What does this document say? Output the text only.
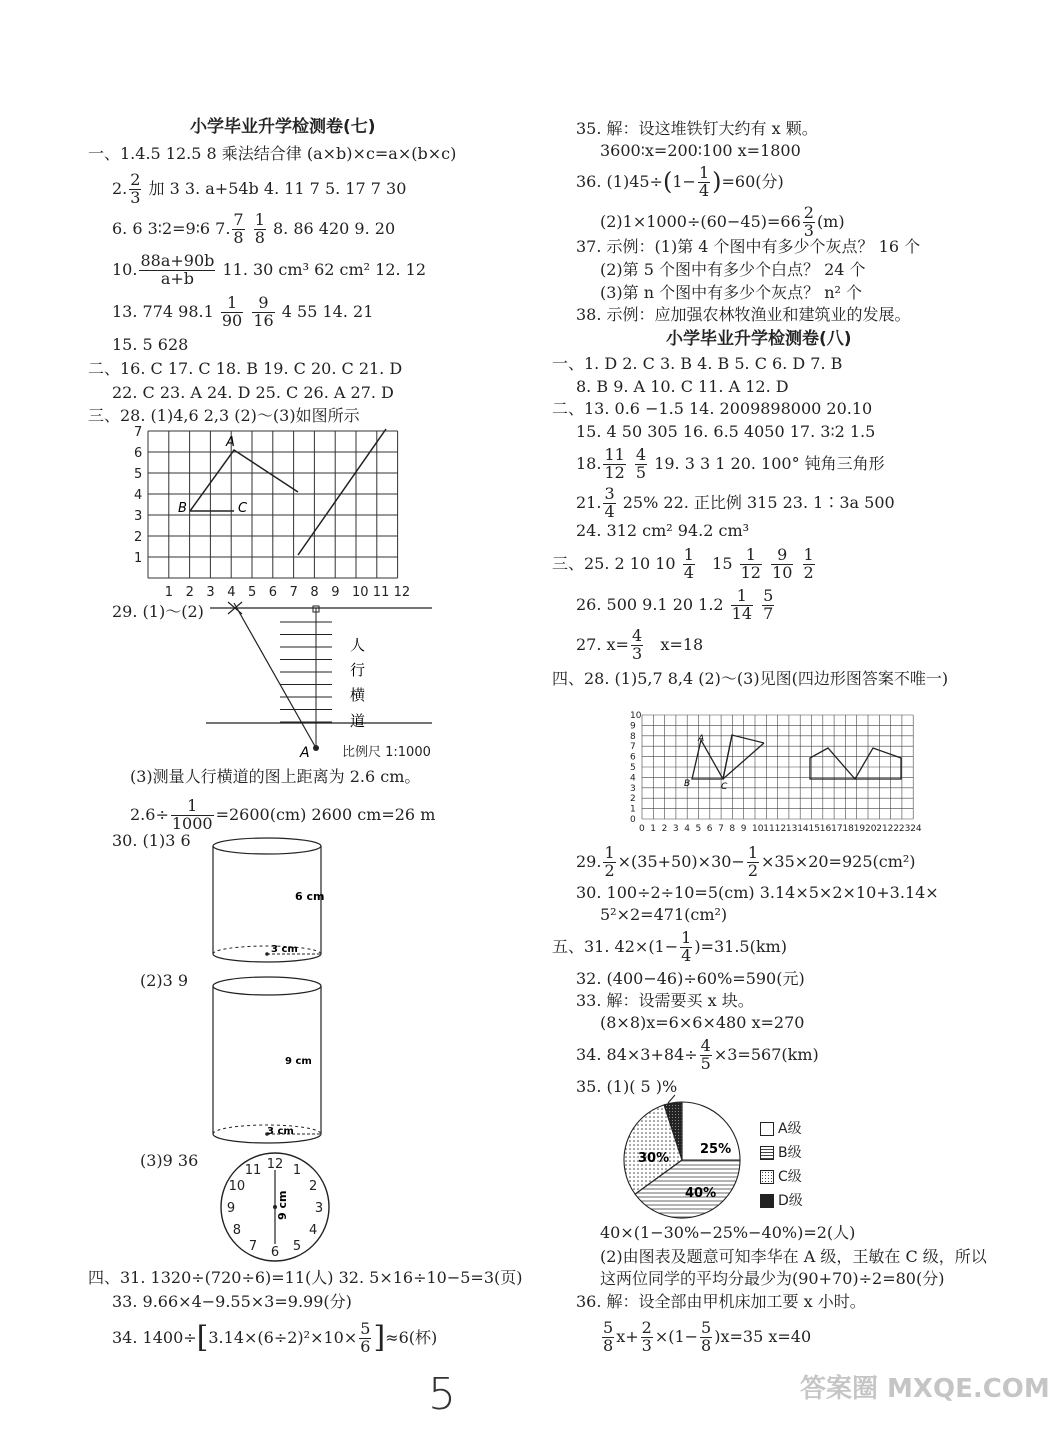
小学毕业升学检测卷(七)
一、1.4.5 12.5 8 乘法结合律 (a×b)×c=a×(b×c)
2. $\frac{2}{3}$ 加 3 3. a+54b 4. 11 7 5. 17 7 30
6. 6 3∶2=9∶6 7. $\frac{7}{8}$
$\frac{1}{8} 8$. 86 420 9. 20
10. $\frac{88a+90b}{a+b} 11$. 30 cm³ 62 cm² 12. 12
13. 774 $98.1 \frac{1}{90}$
$\frac{9}{16} 4$ 55 14. 21
15. 5 628
二、16. C 17. C 18. B 19. C 20. C 21. D
22. C 23. A 24. D 25. C 26. A 27. D
三、28. (1)4,6 2,3 (2)～(3)如图所示
A
B	C
1
2
3
4
5
6
7
1 2 3 4 5 6 7 8 9 10 11 12
29. (1)～(2)
A
人
行
横
道
比例尺 1:1000
(3)测量人行横道的图上距离为 2.6 cm。
$2.6\div \frac{1}{1000} =2600(cm)$ 2600 cm=26 m
30. (1)3 6
6 cm
3 cm
(2)3 9
9 cm
3 cm
(3)9 36	12 1
2
3
4
5
6
7
8
9
10
11
9 cm
四、31. 1320÷(720÷6)=11(人) 32. 5×16÷10−5=3(页)
33. 9.66×4−9.55×3=9.99(分)
34. $1400\div[3.14\times(6\div 2)^2\times 10\times \frac{5}{6} ]\approx 6$(杯)
35. 解：设这堆铁钉大约有 x 颗。
3600∶x=200∶100 x=1800
36. $(1)45\div(1- \frac{1}{4} )=60$(分)
$(2)1\times 1000\div(60-45)=66 \frac{2}{3} (m)$
37. 示例：(1)第 4 个图中有多少个灰点？ 16 个
(2)第 5 个图中有多少个白点？ 24 个
(3)第 n 个图中有多少个灰点？ n² 个
38. 示例：应加强农林牧渔业和建筑业的发展。
小学毕业升学检测卷(八)
一、1. D 2. C 3. B 4. B 5. C 6. D 7. B
8. B 9. A 10. C 11. A 12. D
二、13. 0.6 −1.5 14. 2009898000 20.10
15. 4 50 305 16. 6.5 4050 17. 3∶2 1.5
18. $\frac{11}{12}$
$\frac{4}{5} 19$. 3 3 1 20. 100° 钝角三角形
21. $\frac{3}{4} 25\%$ 22. 正比例 315 23. 1∶3a 500
24. 312 cm² 94.2 cm³
三、25. 2 10 $10 \frac{1}{4} 15 \frac{1}{12}$
$\frac{9}{10}$
$\frac{1}{2}$
26. 500 9.1 20 $1.2 \frac{1}{14}$
$\frac{5}{7}$
27. $x= \frac{4}{3} x=18$
四、28. (1)5,7 8,4 (2)～(3)见图(四边形图答案不唯一)
A
B	C
0
1
2
3
4
5
6
7
8
9
10
0 1 2 3 4 5 6 7 8 9 10 11 12 13 14 15 16 17 18 19 20 21 22 23 24
29. $\frac{1}{2} \times(35+50)\times 30- \frac{1}{2} \times 35\times 20=925(cm^2)$
30. 100÷2÷10=5(cm) 3.14×5×2×10+3.14×
5²×2=471(cm²)
五、31. $42\times(1- \frac{1}{4} )=31.5(km)$
32. (400−46)÷60%=590(元)
33. 解：设需要买 x 块。
(8×8)x=6×6×480 x=270
34. $84\times 3+84\div \frac{4}{5} \times 3=567(km)$
35. (1)( 5 )%
25%
30%
40%
A级
B级
C级
D级
40×(1−30%−25%−40%)=2(人)
(2)由图表及题意可知李华在 A 级，王敏在 C 级，所以
这两位同学的平均分最少为(90+70)÷2=80(分)
36. 解：设全部由甲机床加工要 x 小时。
$\frac{5}{8} x+ \frac{2}{3} \times(1- \frac{5}{8} )x=35$ x=40
5	答案圈 MXQE.COM
